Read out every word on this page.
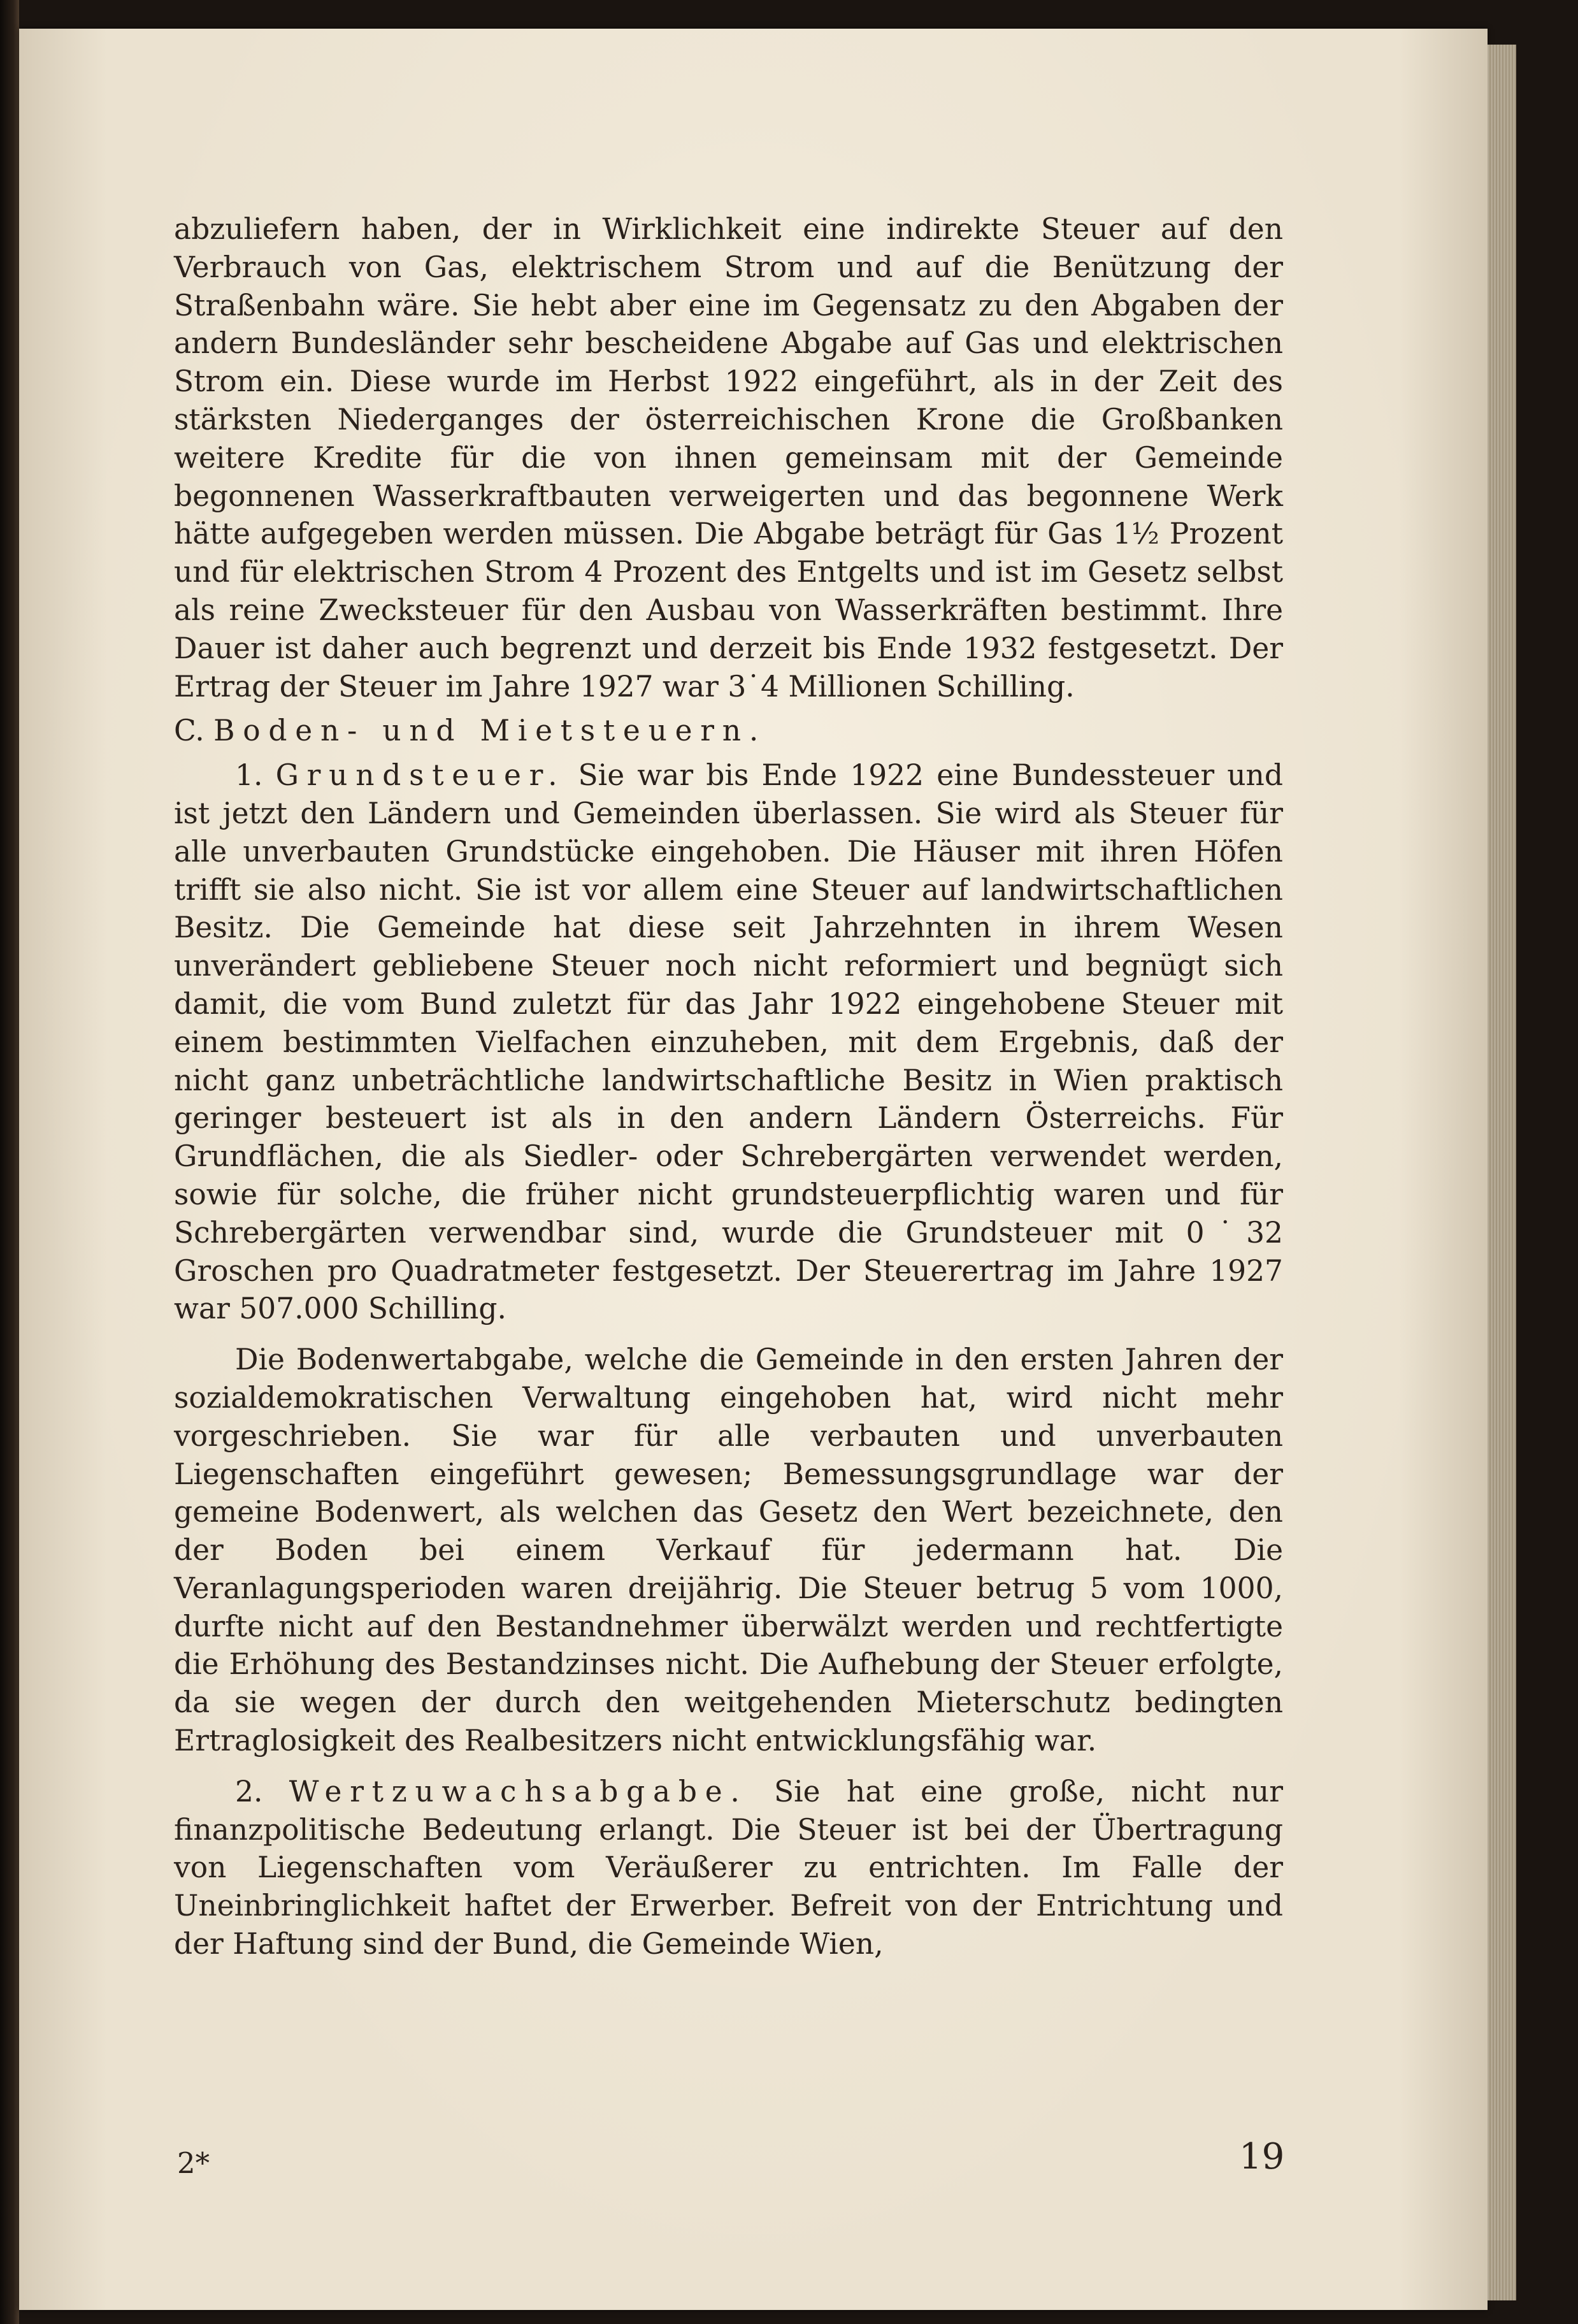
abzuliefern haben, der in Wirklichkeit eine indirekte Steuer auf den Verbrauch von Gas, elektrischem Strom und auf die Benützung der Straßenbahn wäre. Sie hebt aber eine im Gegensatz zu den Abgaben der andern Bundesländer sehr bescheidene Abgabe auf Gas und elektrischen Strom ein. Diese wurde im Herbst 1922 eingeführt, als in der Zeit des stärksten Niederganges der österreichischen Krone die Großbanken weitere Kredite für die von ihnen gemeinsam mit der Gemeinde begonnenen Wasserkraftbauten verweigerten und das begonnene Werk hätte aufgegeben werden müssen. Die Abgabe beträgt für Gas 1½ Prozent und für elektrischen Strom 4 Prozent des Entgelts und ist im Gesetz selbst als reine Zwecksteuer für den Ausbau von Wasserkräften bestimmt. Ihre Dauer ist daher auch begrenzt und derzeit bis Ende 1932 festgesetzt. Der Ertrag der Steuer im Jahre 1927 war 3˙4 Millionen Schilling.

C. Boden- und Mietsteuern.

1. Grundsteuer. Sie war bis Ende 1922 eine Bundessteuer und ist jetzt den Ländern und Gemeinden überlassen. Sie wird als Steuer für alle unverbauten Grundstücke eingehoben. Die Häuser mit ihren Höfen trifft sie also nicht. Sie ist vor allem eine Steuer auf landwirtschaftlichen Besitz. Die Gemeinde hat diese seit Jahrzehnten in ihrem Wesen unverändert gebliebene Steuer noch nicht reformiert und begnügt sich damit, die vom Bund zuletzt für das Jahr 1922 eingehobene Steuer mit einem bestimmten Vielfachen einzuheben, mit dem Ergebnis, daß der nicht ganz unbeträchtliche landwirtschaftliche Besitz in Wien praktisch geringer besteuert ist als in den andern Ländern Österreichs. Für Grundflächen, die als Siedler- oder Schrebergärten verwendet werden, sowie für solche, die früher nicht grundsteuerpflichtig waren und für Schrebergärten verwendbar sind, wurde die Grundsteuer mit 0˙32 Groschen pro Quadratmeter festgesetzt. Der Steuerertrag im Jahre 1927 war 507.000 Schilling.

Die Bodenwertabgabe, welche die Gemeinde in den ersten Jahren der sozialdemokratischen Verwaltung eingehoben hat, wird nicht mehr vorgeschrieben. Sie war für alle verbauten und unverbauten Liegenschaften eingeführt gewesen; Bemessungsgrundlage war der gemeine Bodenwert, als welchen das Gesetz den Wert bezeichnete, den der Boden bei einem Verkauf für jedermann hat. Die Veranlagungsperioden waren dreijährig. Die Steuer betrug 5 vom 1000, durfte nicht auf den Bestandnehmer überwälzt werden und rechtfertigte die Erhöhung des Bestandzinses nicht. Die Aufhebung der Steuer erfolgte, da sie wegen der durch den weitgehenden Mieterschutz bedingten Ertraglosigkeit des Realbesitzers nicht entwicklungsfähig war.

2. Wertzuwachsabgabe. Sie hat eine große, nicht nur finanzpolitische Bedeutung erlangt. Die Steuer ist bei der Übertragung von Liegenschaften vom Veräußerer zu entrichten. Im Falle der Uneinbringlichkeit haftet der Erwerber. Befreit von der Entrichtung und der Haftung sind der Bund, die Gemeinde Wien,

2*	19
